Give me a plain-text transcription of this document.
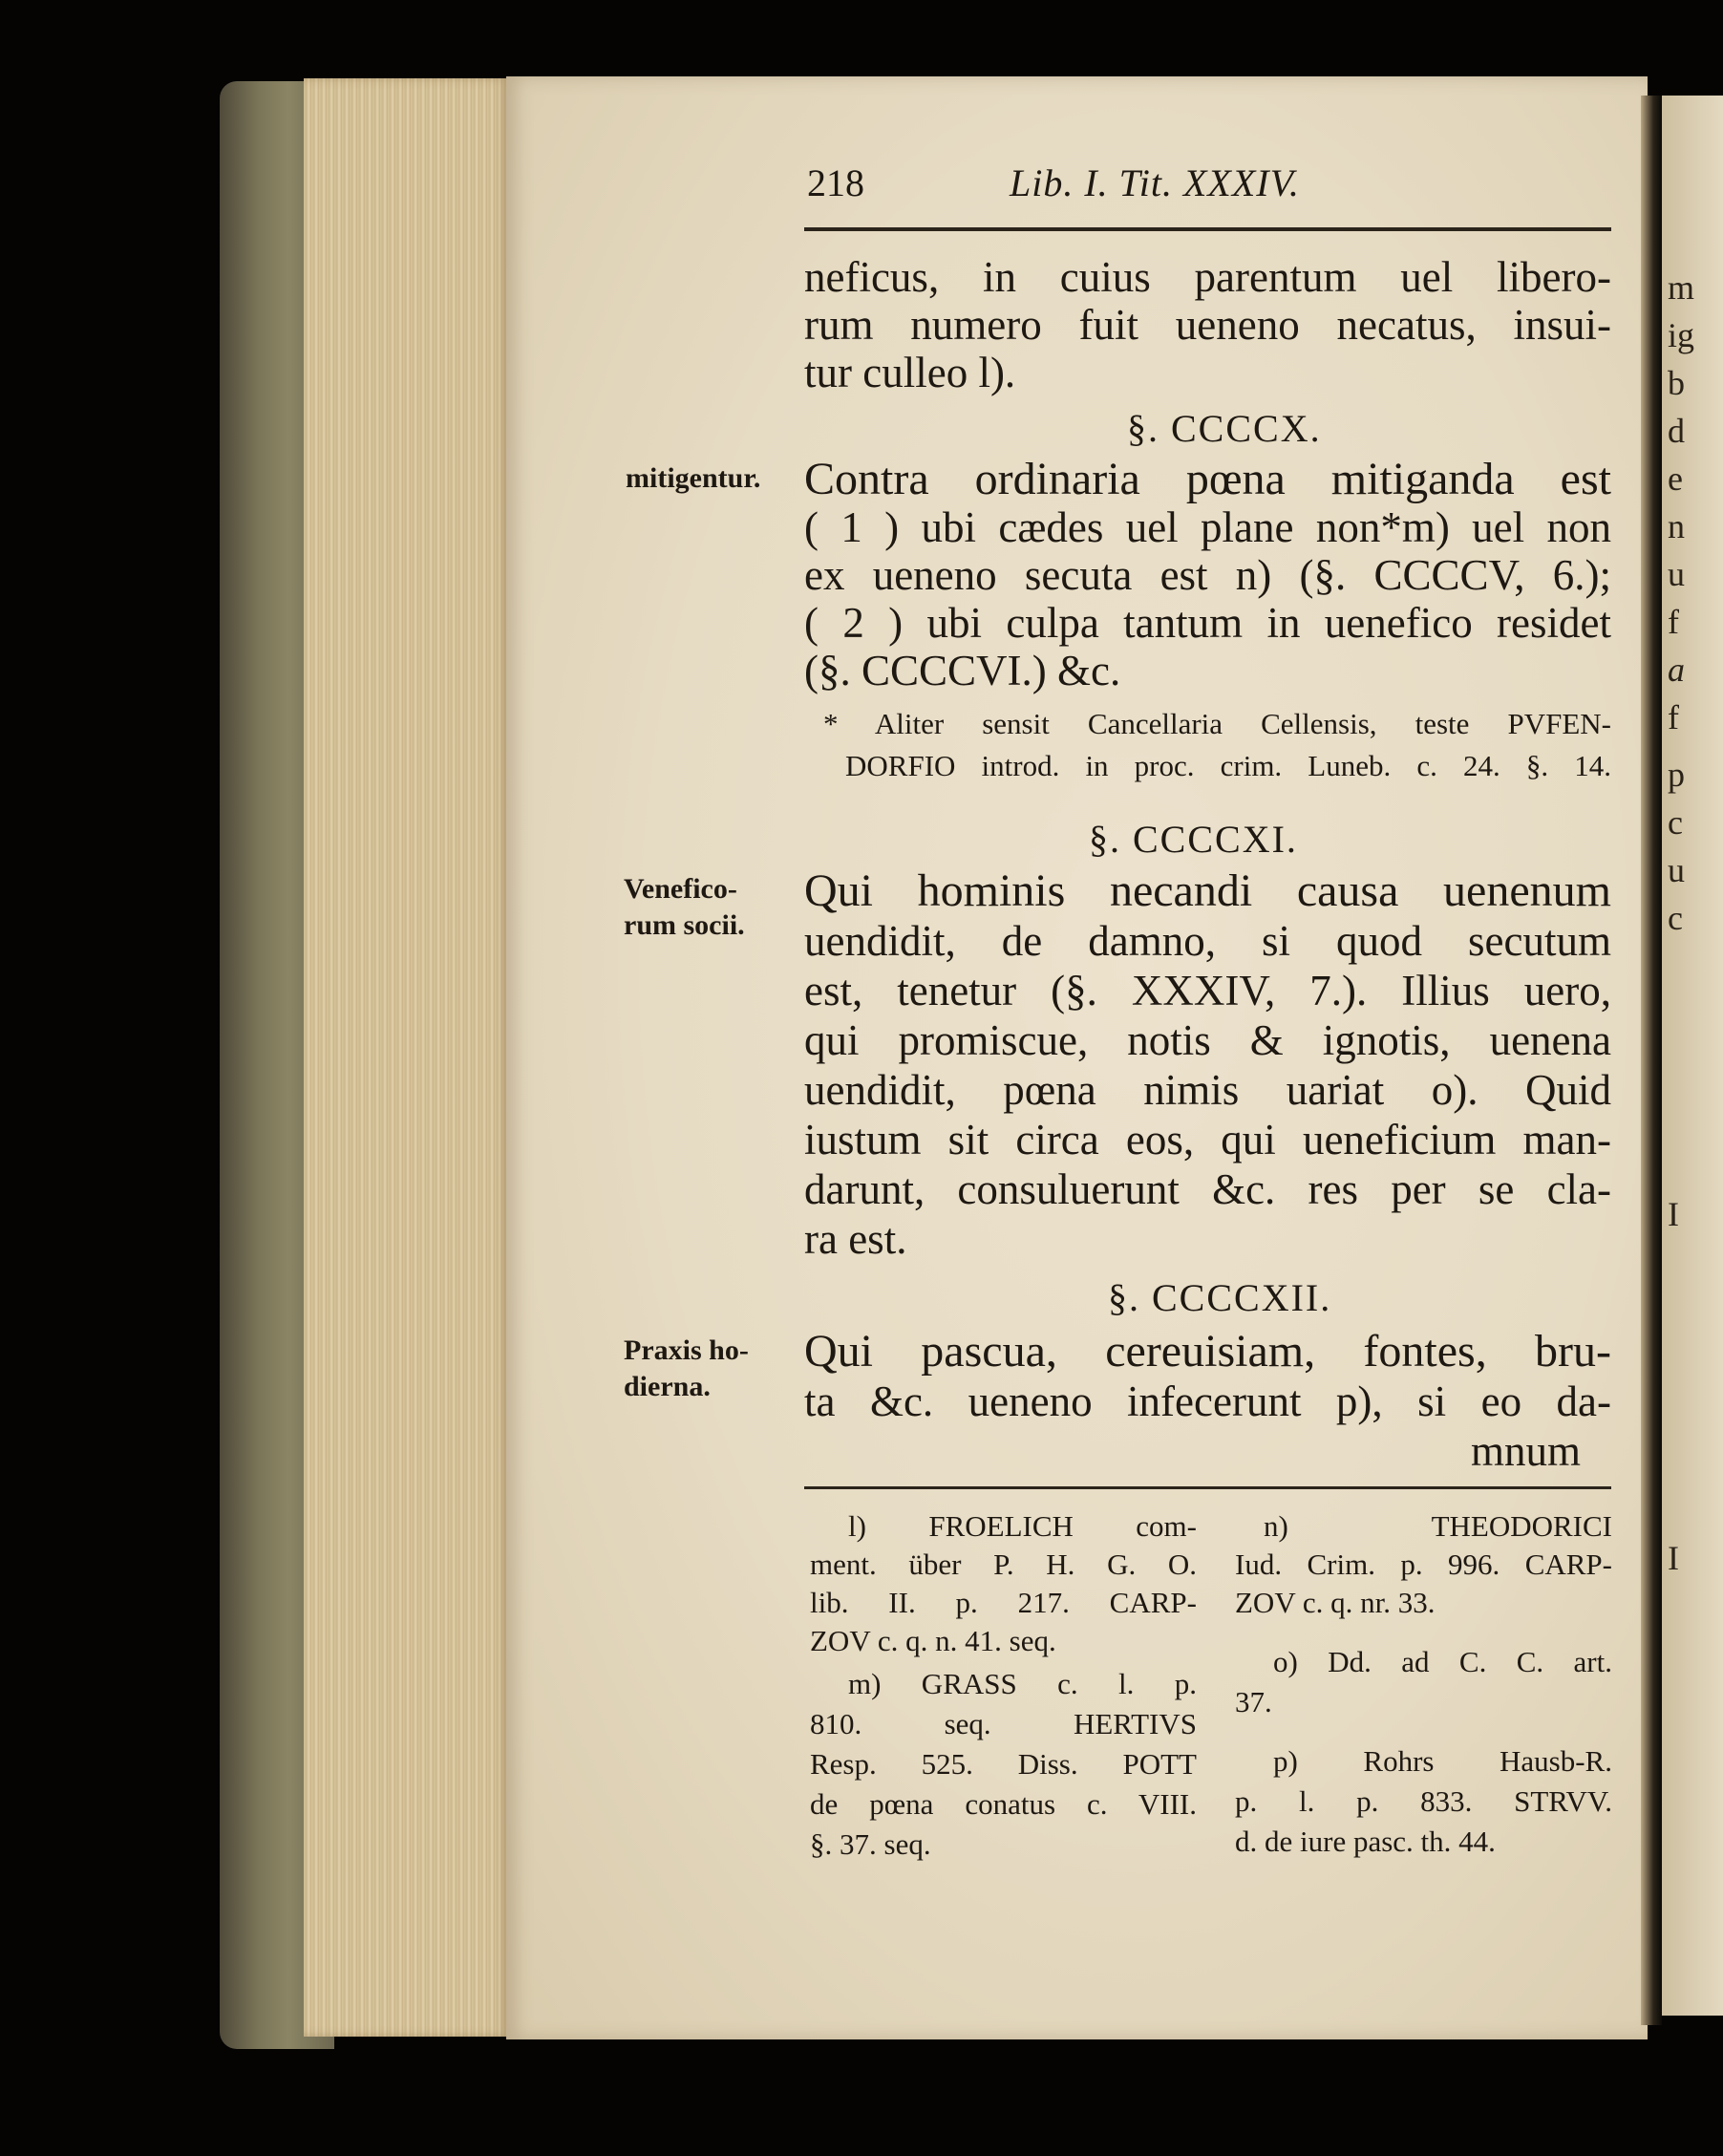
m
ig
b
d
e
n
u
f
a
f
p
c
u
c
I
I
218	Lib. I. Tit. XXXIV.
neficus, in cuius parentum uel libero-
rum numero fuit ueneno necatus, insui-
tur culleo l).
§. CCCCX.
mitigentur. Contra ordinaria pœna mitiganda est
( 1 ) ubi cædes uel plane non*m) uel non
ex ueneno secuta est n) (§. CCCCV, 6.);
( 2 ) ubi culpa tantum in uenefico residet
(§. CCCCVI.) &c.
* Aliter sensit Cancellaria Cellensis, teste PVFEN-
DORFIO introd. in proc. crim. Luneb. c. 24. §. 14.
§. CCCCXI.
Venefico-
rum socii.
Qui hominis necandi causa uenenum
uendidit, de damno, si quod secutum
est, tenetur (§. XXXIV, 7.). Illius uero,
qui promiscue, notis & ignotis, uenena
uendidit, pœna nimis uariat o). Quid
iustum sit circa eos, qui ueneficium man-
darunt, consuluerunt &c. res per se cla-
ra est.
§. CCCCXII.
Praxis ho-
dierna.
Qui pascua, cereuisiam, fontes, bru-
ta &c. ueneno infecerunt p), si eo da-
mnum
l) FROELICH com-
ment. über P. H. G. O.
lib. II. p. 217. CARP-
ZOV c. q. n. 41. seq.
m) GRASS c. l. p.
810. seq. HERTIVS
Resp. 525. Diss. POTT
de pœna conatus c. VIII.
§. 37. seq.
n) THEODORICI
Iud. Crim. p. 996. CARP-
ZOV c. q. nr. 33.
o) Dd. ad C. C. art.
37.
p) Rohrs Hausb-R.
p. l. p. 833. STRVV.
d. de iure pasc. th. 44.
